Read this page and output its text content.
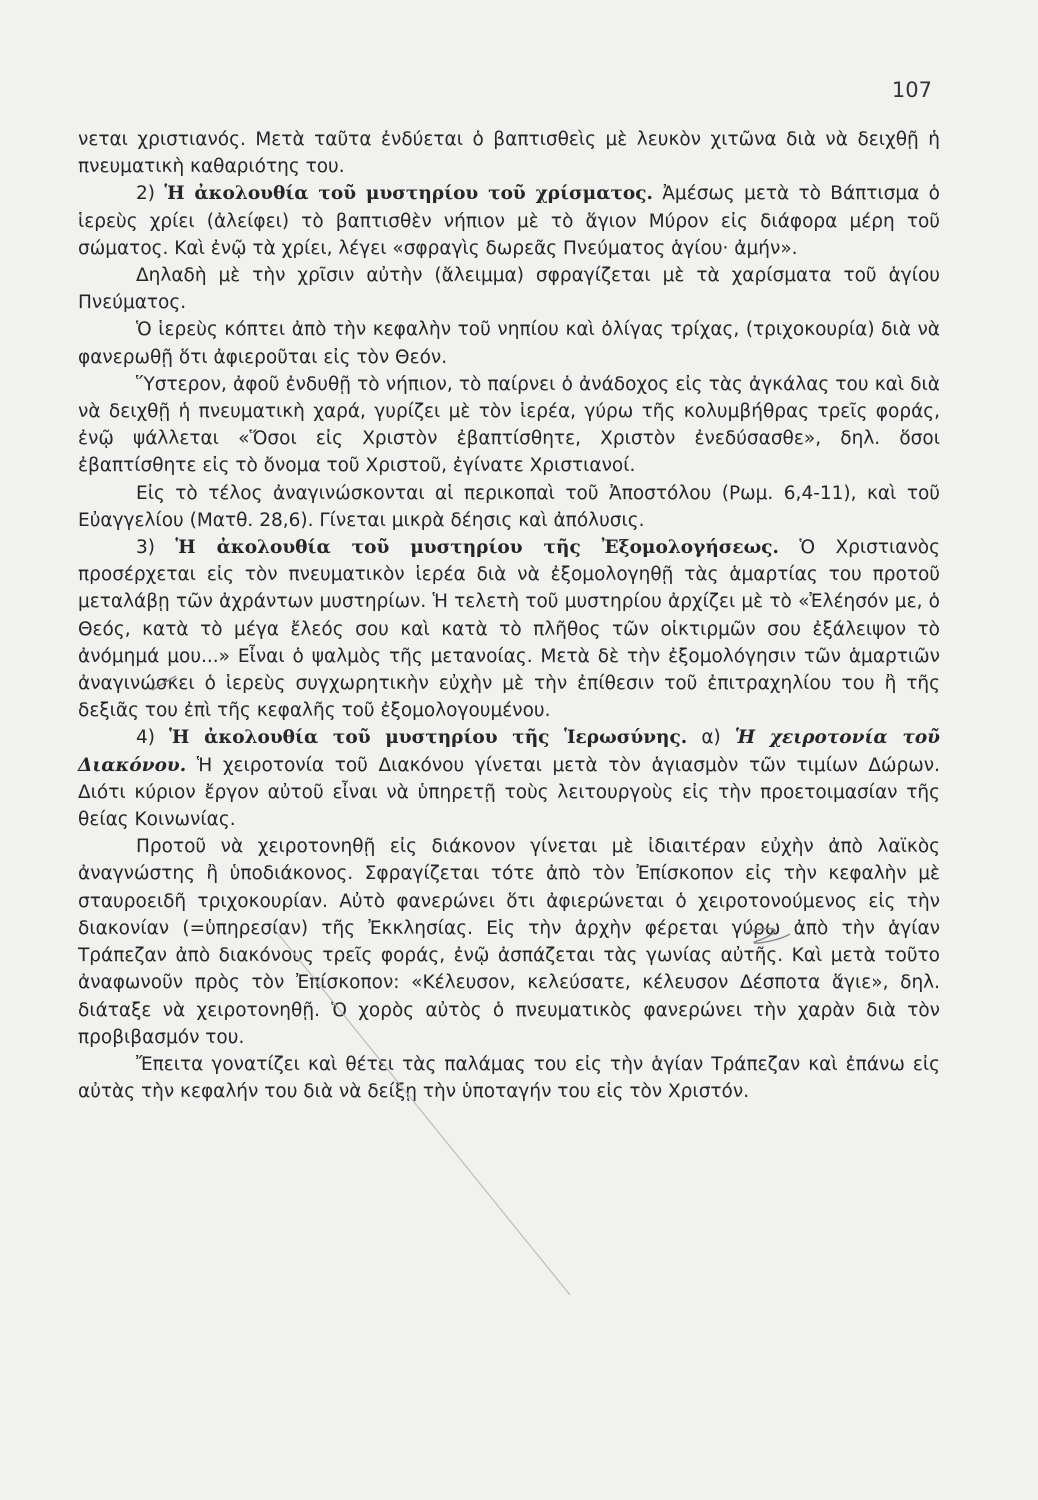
107

νεται χριστιανός. Μετὰ ταῦτα ἐνδύεται ὁ βαπτισθεὶς μὲ λευκὸν χιτῶνα διὰ νὰ δειχθῇ ἡ πνευματικὴ καθαριότης του.

2) Ἡ ἀκολουθία τοῦ μυστηρίου τοῦ χρίσματος. Ἀμέσως μετὰ τὸ Βάπτισμα ὁ ἱερεὺς χρίει (ἀλείφει) τὸ βαπτισθὲν νήπιον μὲ τὸ ἅγιον Μύρον εἰς διάφορα μέρη τοῦ σώματος. Καὶ ἐνῷ τὰ χρίει, λέγει «σφραγὶς δωρεᾶς Πνεύματος ἁγίου· ἀμήν».

Δηλαδὴ μὲ τὴν χρῖσιν αὐτὴν (ἄλειμμα) σφραγίζεται μὲ τὰ χαρίσματα τοῦ ἁγίου Πνεύματος.

Ὁ ἱερεὺς κόπτει ἀπὸ τὴν κεφαλὴν τοῦ νηπίου καὶ ὀλίγας τρίχας, (τριχοκουρία) διὰ νὰ φανερωθῇ ὅτι ἀφιεροῦται εἰς τὸν Θεόν.

Ὕστερον, ἀφοῦ ἐνδυθῇ τὸ νήπιον, τὸ παίρνει ὁ ἀνάδοχος εἰς τὰς ἀγκάλας του καὶ διὰ νὰ δειχθῇ ἡ πνευματικὴ χαρά, γυρίζει μὲ τὸν ἱερέα, γύρω τῆς κολυμβήθρας τρεῖς φοράς, ἐνῷ ψάλλεται «Ὅσοι εἰς Χριστὸν ἐβαπτίσθητε, Χριστὸν ἐνεδύσασθε», δηλ. ὅσοι ἐβαπτίσθητε εἰς τὸ ὄνομα τοῦ Χριστοῦ, ἐγίνατε Χριστιανοί.

Εἰς τὸ τέλος ἀναγινώσκονται αἱ περικοπαὶ τοῦ Ἀποστόλου (Ρωμ. 6,4-11), καὶ τοῦ Εὐαγγελίου (Ματθ. 28,6). Γίνεται μικρὰ δέησις καὶ ἀπόλυσις.

3) Ἡ ἀκολουθία τοῦ μυστηρίου τῆς Ἐξομολογήσεως. Ὁ Χριστιανὸς προσέρχεται εἰς τὸν πνευματικὸν ἱερέα διὰ νὰ ἐξομολογηθῇ τὰς ἁμαρτίας του προτοῦ μεταλάβῃ τῶν ἀχράντων μυστηρίων. Ἡ τελετὴ τοῦ μυστηρίου ἀρχίζει μὲ τὸ «Ἐλέησόν με, ὁ Θεός, κατὰ τὸ μέγα ἔλεός σου καὶ κατὰ τὸ πλῆθος τῶν οἰκτιρμῶν σου ἐξάλειψον τὸ ἀνόμημά μου...» Εἶναι ὁ ψαλμὸς τῆς μετανοίας. Μετὰ δὲ τὴν ἐξομολόγησιν τῶν ἁμαρτιῶν ἀναγινώσκει ὁ ἱερεὺς συγχωρητικὴν εὐχὴν μὲ τὴν ἐπίθεσιν τοῦ ἐπιτραχηλίου του ἢ τῆς δεξιᾶς του ἐπὶ τῆς κεφαλῆς τοῦ ἐξομολογουμένου.

4) Ἡ ἀκολουθία τοῦ μυστηρίου τῆς Ἱερωσύνης. α) Ἡ χειροτονία τοῦ Διακόνου. Ἡ χειροτονία τοῦ Διακόνου γίνεται μετὰ τὸν ἁγιασμὸν τῶν τιμίων Δώρων. Διότι κύριον ἔργον αὐτοῦ εἶναι νὰ ὑπηρετῇ τοὺς λειτουργοὺς εἰς τὴν προετοιμασίαν τῆς θείας Κοινωνίας.

Προτοῦ νὰ χειροτονηθῇ εἰς διάκονον γίνεται μὲ ἰδιαιτέραν εὐχὴν ἀπὸ λαϊκὸς ἀναγνώστης ἢ ὑποδιάκονος. Σφραγίζεται τότε ἀπὸ τὸν Ἐπίσκοπον εἰς τὴν κεφαλὴν μὲ σταυροειδῆ τριχοκουρίαν. Αὐτὸ φανερώνει ὅτι ἀφιερώνεται ὁ χειροτονούμενος εἰς τὴν διακονίαν (=ὑπηρεσίαν) τῆς Ἐκκλησίας. Εἰς τὴν ἀρχὴν φέρεται γύρω ἀπὸ τὴν ἁγίαν Τράπεζαν ἀπὸ διακόνους τρεῖς φοράς, ἐνῷ ἀσπάζεται τὰς γωνίας αὐτῆς. Καὶ μετὰ τοῦτο ἀναφωνοῦν πρὸς τὸν Ἐπίσκοπον: «Κέλευσον, κελεύσατε, κέλευσον Δέσποτα ἅγιε», δηλ. διάταξε νὰ χειροτονηθῇ. Ὁ χορὸς αὐτὸς ὁ πνευματικὸς φανερώνει τὴν χαρὰν διὰ τὸν προβιβασμόν του.

Ἔπειτα γονατίζει καὶ θέτει τὰς παλάμας του εἰς τὴν ἁγίαν Τράπεζαν καὶ ἐπάνω εἰς αὐτὰς τὴν κεφαλήν του διὰ νὰ δείξῃ τὴν ὑποταγήν του εἰς τὸν Χριστόν.
